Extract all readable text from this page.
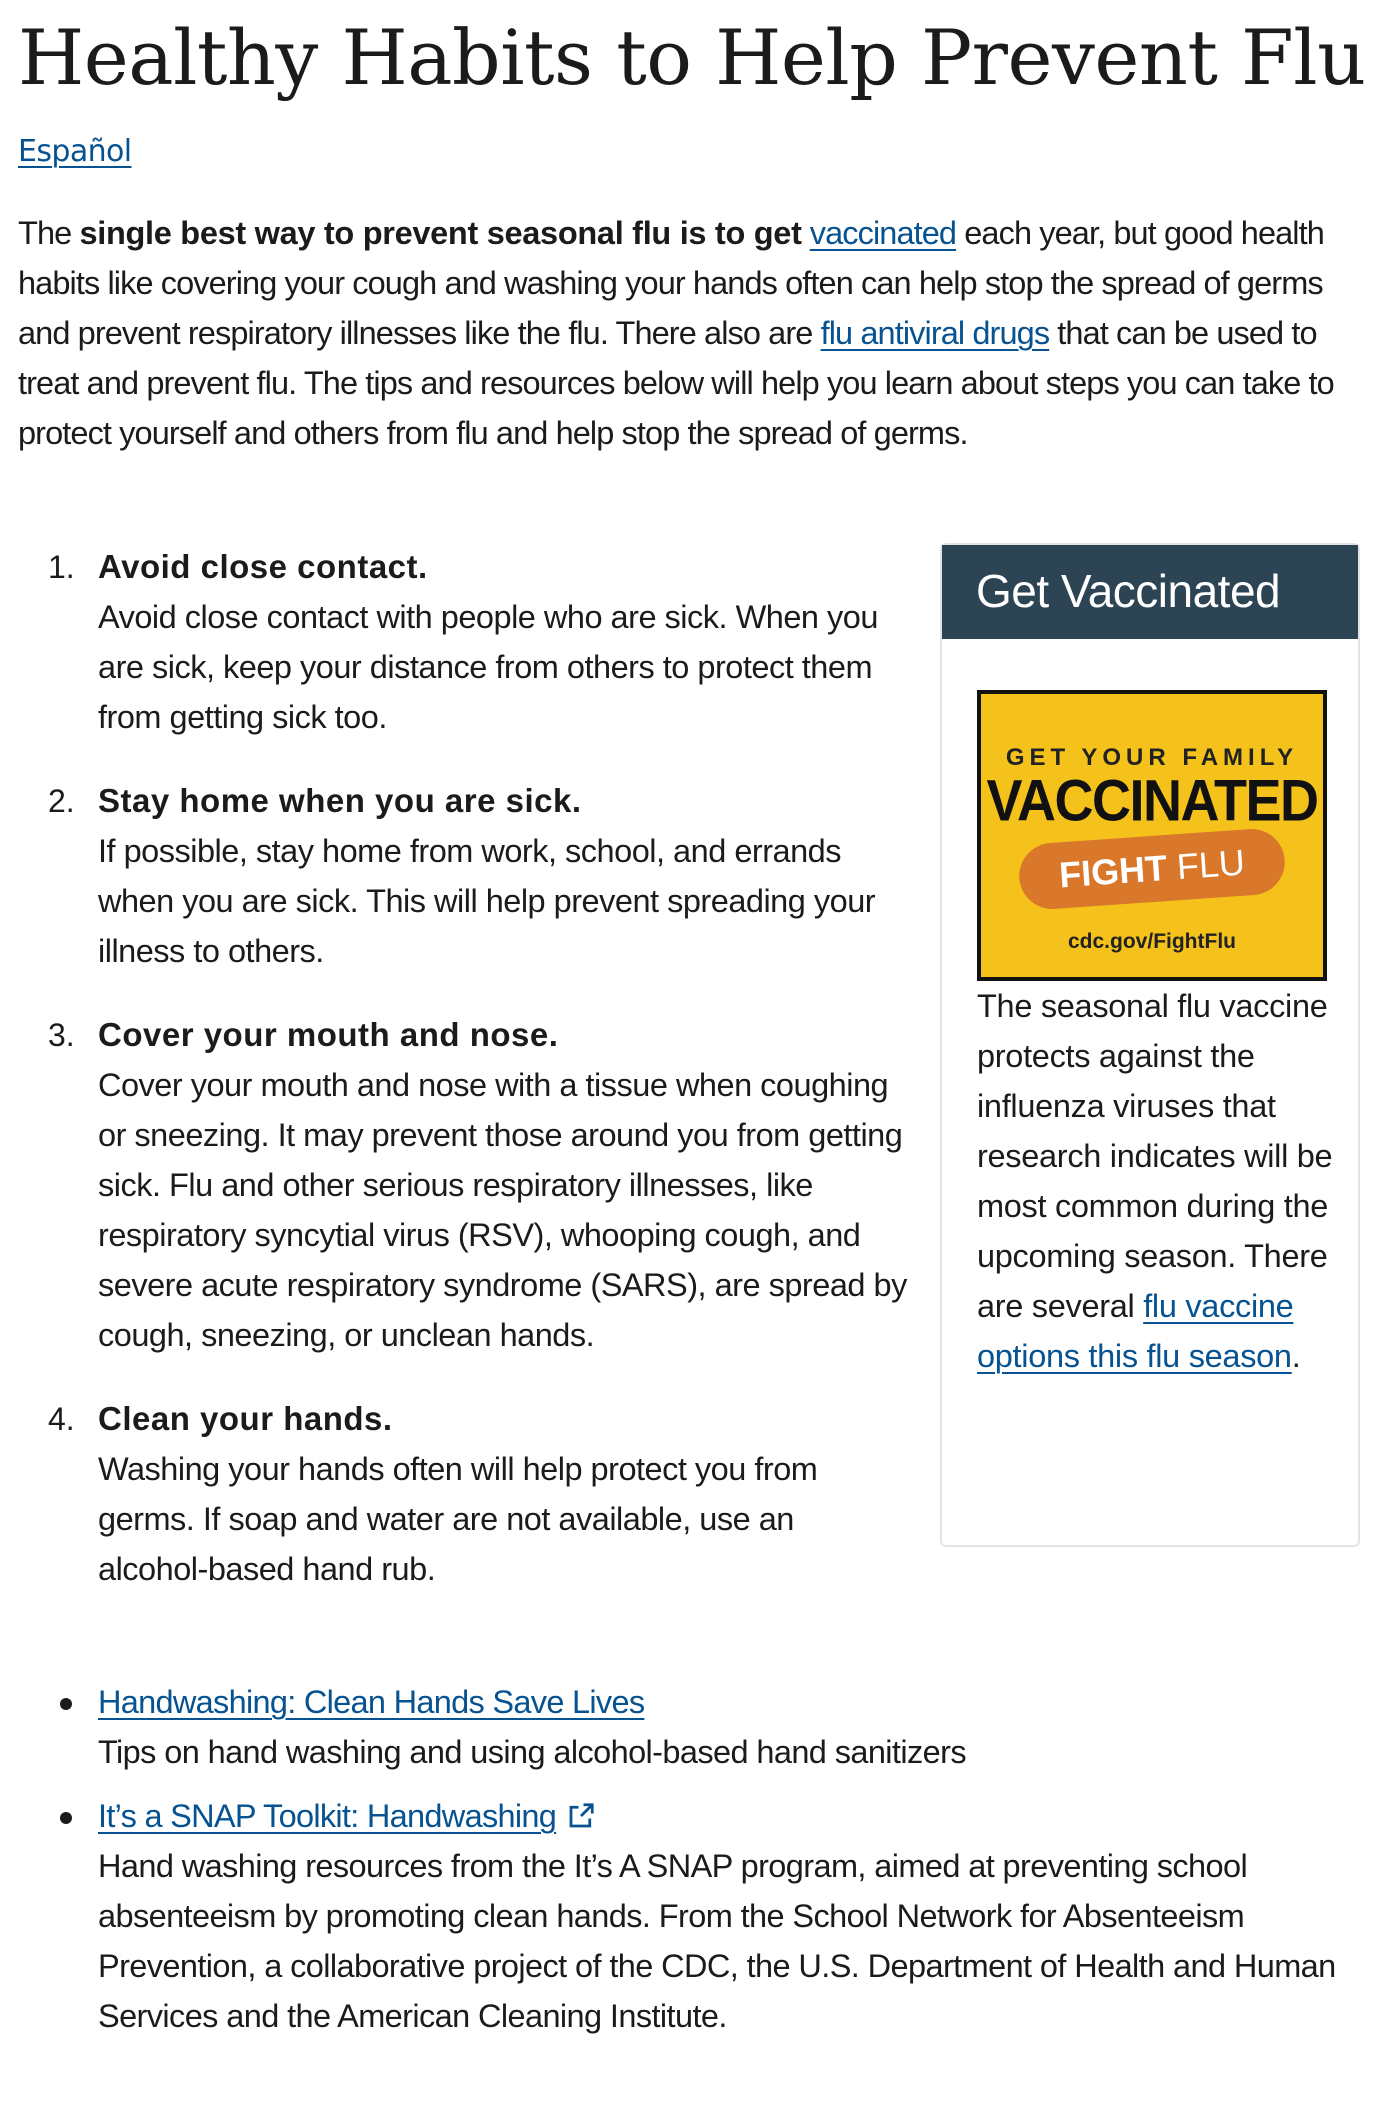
Healthy Habits to Help Prevent Flu
Español

The single best way to prevent seasonal flu is to get vaccinated each year, but good health habits like covering your cough and washing your hands often can help stop the spread of germs and prevent respiratory illnesses like the flu. There also are flu antiviral drugs that can be used to treat and prevent flu. The tips and resources below will help you learn about steps you can take to protect yourself and others from flu and help stop the spread of germs.

1. Avoid close contact.
Avoid close contact with people who are sick. When you are sick, keep your distance from others to protect them from getting sick too.
2. Stay home when you are sick.
If possible, stay home from work, school, and errands when you are sick. This will help prevent spreading your illness to others.
3. Cover your mouth and nose.
Cover your mouth and nose with a tissue when coughing or sneezing. It may prevent those around you from getting sick. Flu and other serious respiratory illnesses, like respiratory syncytial virus (RSV), whooping cough, and severe acute respiratory syndrome (SARS), are spread by cough, sneezing, or unclean hands.
4. Clean your hands.
Washing your hands often will help protect you from germs. If soap and water are not available, use an alcohol-based hand rub.
Get Vaccinated
GET YOUR FAMILY
VACCINATED
FIGHT FLU
cdc.gov/FightFlu

The seasonal flu vaccine protects against the influenza viruses that research indicates will be most common during the upcoming season. There are several flu vaccine options this flu season.

Handwashing: Clean Hands Save Lives
Tips on hand washing and using alcohol-based hand sanitizers
It’s a SNAP Toolkit: Handwashing
Hand washing resources from the It’s A SNAP program, aimed at preventing school absenteeism by promoting clean hands. From the School Network for Absenteeism Prevention, a collaborative project of the CDC, the U.S. Department of Health and Human Services and the American Cleaning Institute.
